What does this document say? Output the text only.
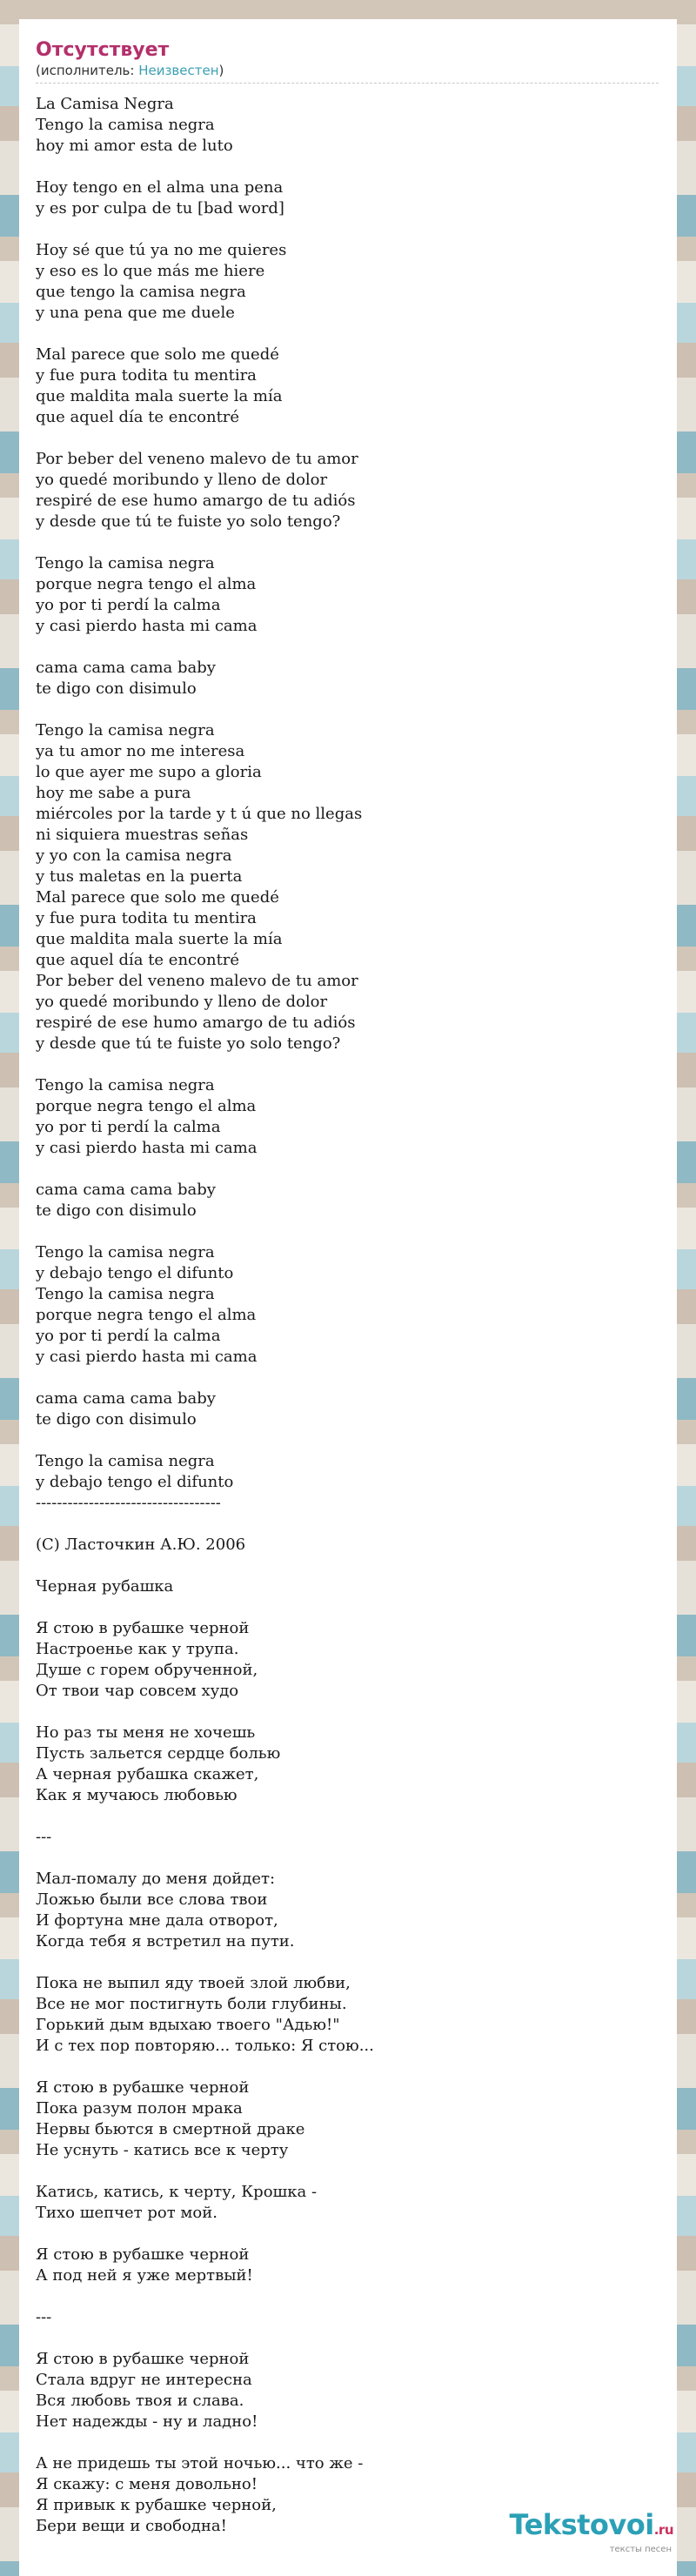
Отсутствует
(исполнитель: Неизвестен)
La Camisa Negra
Tengo la camisa negra
hoy mi amor esta de luto

Hoy tengo en el alma una pena
y es por culpa de tu [bad word]

Hoy sé que tú ya no me quieres
y eso es lo que más me hiere
que tengo la camisa negra
y una pena que me duele

Mal parece que solo me quedé
y fue pura todita tu mentira
que maldita mala suerte la mía
que aquel día te encontré

Por beber del veneno malevo de tu amor
yo quedé moribundo y lleno de dolor
respiré de ese humo amargo de tu adiós
y desde que tú te fuiste yo solo tengo?

Tengo la camisa negra
porque negra tengo el alma
yo por ti perdí la calma
y casi pierdo hasta mi cama

cama cama cama baby
te digo con disimulo

Tengo la camisa negra
ya tu amor no me interesa
lo que ayer me supo a gloria
hoy me sabe a pura
miércoles por la tarde y t ú que no llegas
ni siquiera muestras señas
y yo con la camisa negra
y tus maletas en la puerta
Mal parece que solo me quedé
y fue pura todita tu mentira
que maldita mala suerte la mía
que aquel día te encontré
Por beber del veneno malevo de tu amor
yo quedé moribundo y lleno de dolor
respiré de ese humo amargo de tu adiós
y desde que tú te fuiste yo solo tengo?

Tengo la camisa negra
porque negra tengo el alma
yo por ti perdí la calma
y casi pierdo hasta mi cama

cama cama cama baby
te digo con disimulo

Tengo la camisa negra
y debajo tengo el difunto
Tengo la camisa negra
porque negra tengo el alma
yo por ti perdí la calma
y casi pierdo hasta mi cama

cama cama cama baby
te digo con disimulo

Tengo la camisa negra
y debajo tengo el difunto
-----------------------------------

(C) Ласточкин А.Ю. 2006

Черная рубашка

Я стою в рубашке черной
Настроенье как у трупа.
Душе с горем обрученной,
От твои чар совсем худо

Но раз ты меня не хочешь
Пусть зальется сердце болью
А черная рубашка скажет,
Как я мучаюсь любовью

---

Мал-помалу до меня дойдет:
Ложью были все слова твои
И фортуна мне дала отворот,
Когда тебя я встретил на пути.

Пока не выпил яду твоей злой любви,
Все не мог постигнуть боли глубины.
Горький дым вдыхаю твоего "Адью!"
И с тех пор повторяю... только: Я стою...

Я стою в рубашке черной
Пока разум полон мрака
Нервы бьются в смертной драке
Не уснуть - катись все к черту

Катись, катись, к черту, Крошка -
Тихо шепчет рот мой.

Я стою в рубашке черной
А под ней я уже мертвый!

---

Я стою в рубашке черной
Стала вдруг не интересна
Вся любовь твоя и слава.
Нет надежды - ну и ладно!

А не придешь ты этой ночью... что же -
Я скажу: с меня довольно!
Я привык к рубашке черной,
Бери вещи и свободна!	Tekstovoi.ru
тексты песен
